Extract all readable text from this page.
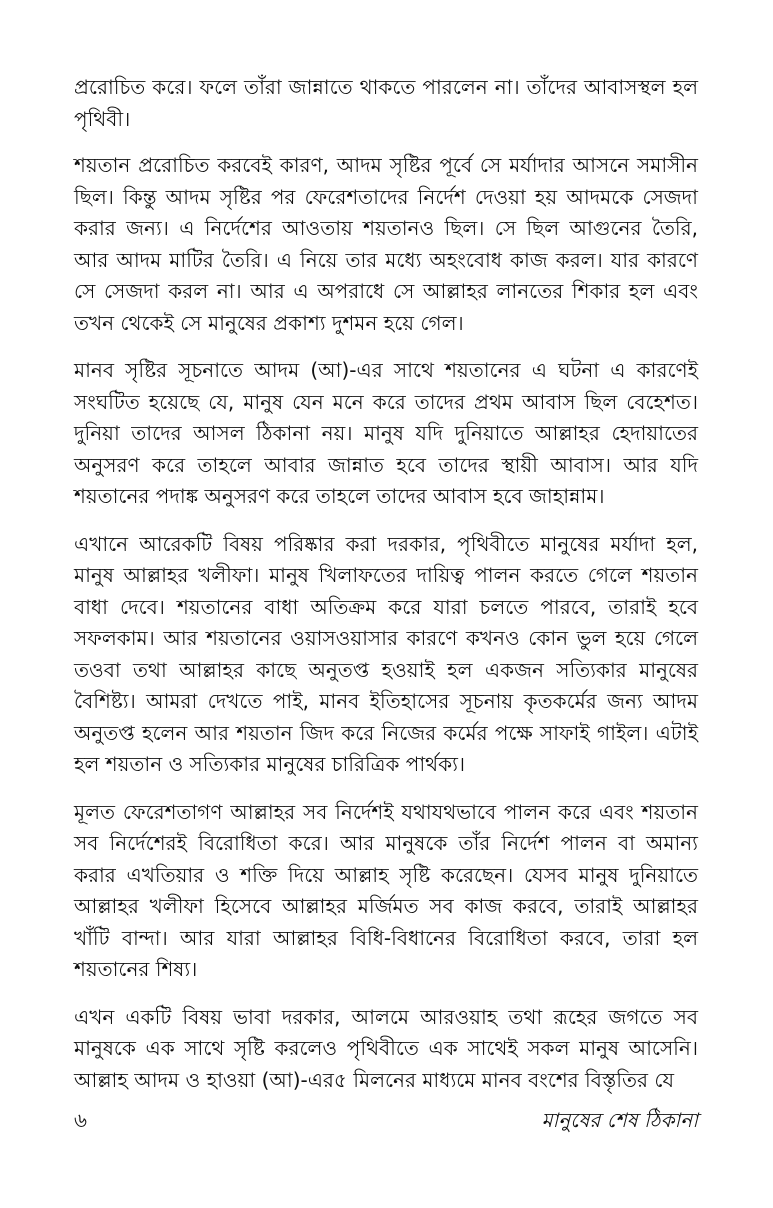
প্ররোচিত করে। ফলে তাঁরা জান্নাতে থাকতে পারলেন না। তাঁদের আবাসস্থল হল পৃথিবী।

শয়তান প্ররোচিত করবেই কারণ, আদম সৃষ্টির পূর্বে সে মর্যাদার আসনে সমাসীন ছিল। কিন্তু আদম সৃষ্টির পর ফেরেশতাদের নির্দেশ দেওয়া হয় আদমকে সেজদা করার জন্য। এ নির্দেশের আওতায় শয়তানও ছিল। সে ছিল আগুনের তৈরি, আর আদম মাটির তৈরি। এ নিয়ে তার মধ্যে অহংবোধ কাজ করল। যার কারণে সে সেজদা করল না। আর এ অপরাধে সে আল্লাহর লানতের শিকার হল এবং তখন থেকেই সে মানুষের প্রকাশ্য দুশমন হয়ে গেল।

মানব সৃষ্টির সূচনাতে আদম (আ)-এর সাথে শয়তানের এ ঘটনা এ কারণেই সংঘটিত হয়েছে যে, মানুষ যেন মনে করে তাদের প্রথম আবাস ছিল বেহেশত। দুনিয়া তাদের আসল ঠিকানা নয়। মানুষ যদি দুনিয়াতে আল্লাহর হেদায়াতের অনুসরণ করে তাহলে আবার জান্নাত হবে তাদের স্থায়ী আবাস। আর যদি শয়তানের পদাঙ্ক অনুসরণ করে তাহলে তাদের আবাস হবে জাহান্নাম।

এখানে আরেকটি বিষয় পরিষ্কার করা দরকার, পৃথিবীতে মানুষের মর্যাদা হল, মানুষ আল্লাহর খলীফা। মানুষ খিলাফতের দায়িত্ব পালন করতে গেলে শয়তান বাধা দেবে। শয়তানের বাধা অতিক্রম করে যারা চলতে পারবে, তারাই হবে সফলকাম। আর শয়তানের ওয়াসওয়াসার কারণে কখনও কোন ভুল হয়ে গেলে তওবা তথা আল্লাহর কাছে অনুতপ্ত হওয়াই হল একজন সত্যিকার মানুষের বৈশিষ্ট্য। আমরা দেখতে পাই, মানব ইতিহাসের সূচনায় কৃতকর্মের জন্য আদম অনুতপ্ত হলেন আর শয়তান জিদ করে নিজের কর্মের পক্ষে সাফাই গাইল। এটাই হল শয়তান ও সত্যিকার মানুষের চারিত্রিক পার্থক্য।

মূলত ফেরেশতাগণ আল্লাহর সব নির্দেশই যথাযথভাবে পালন করে এবং শয়তান সব নির্দেশেরই বিরোধিতা করে। আর মানুষকে তাঁর নির্দেশ পালন বা অমান্য করার এখতিয়ার ও শক্তি দিয়ে আল্লাহ সৃষ্টি করেছেন। যেসব মানুষ দুনিয়াতে আল্লাহর খলীফা হিসেবে আল্লাহর মর্জিমত সব কাজ করবে, তারাই আল্লাহর খাঁটি বান্দা। আর যারা আল্লাহর বিধি-বিধানের বিরোধিতা করবে, তারা হল শয়তানের শিষ্য।

এখন একটি বিষয় ভাবা দরকার, আলমে আরওয়াহ তথা রূহের জগতে সব মানুষকে এক সাথে সৃষ্টি করলেও পৃথিবীতে এক সাথেই সকল মানুষ আসেনি। আল্লাহ আদম ও হাওয়া (আ)-এর৫ মিলনের মাধ্যমে মানব বংশের বিস্তৃতির যে

৬	মানুষের শেষ ঠিকানা
